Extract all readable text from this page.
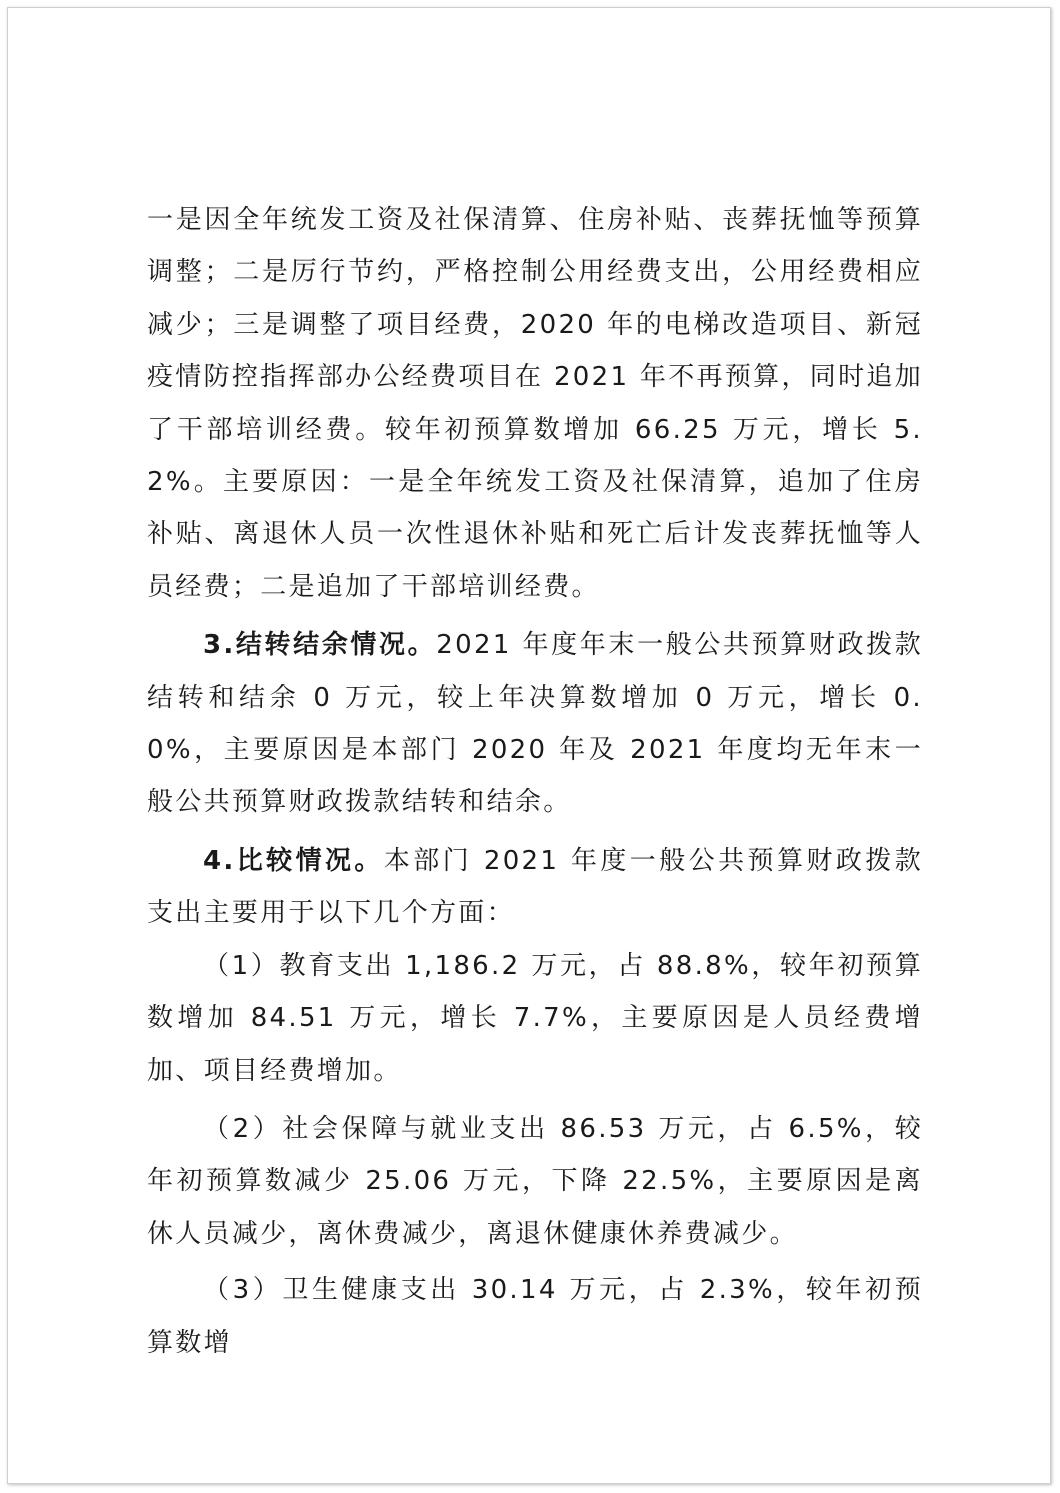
一是因全年统发工资及社保清算、住房补贴、丧葬抚恤等预算调整；二是厉行节约，严格控制公用经费支出，公用经费相应减少；三是调整了项目经费，2020 年的电梯改造项目、新冠疫情防控指挥部办公经费项目在 2021 年不再预算，同时追加了干部培训经费。较年初预算数增加 66.25 万元，增长 5.2%。主要原因：一是全年统发工资及社保清算，追加了住房补贴、离退休人员一次性退休补贴和死亡后计发丧葬抚恤等人员经费；二是追加了干部培训经费。

3.结转结余情况。2021 年度年末一般公共预算财政拨款结转和结余 0 万元，较上年决算数增加 0 万元，增长 0.0%，主要原因是本部门 2020 年及 2021 年度均无年末一般公共预算财政拨款结转和结余。

4.比较情况。本部门 2021 年度一般公共预算财政拨款支出主要用于以下几个方面：

（1）教育支出 1,186.2 万元，占 88.8%，较年初预算数增加 84.51 万元，增长 7.7%，主要原因是人员经费增加、项目经费增加。

（2）社会保障与就业支出 86.53 万元，占 6.5%，较年初预算数减少 25.06 万元，下降 22.5%，主要原因是离休人员减少，离休费减少，离退休健康休养费减少。

（3）卫生健康支出 30.14 万元，占 2.3%，较年初预算数增
